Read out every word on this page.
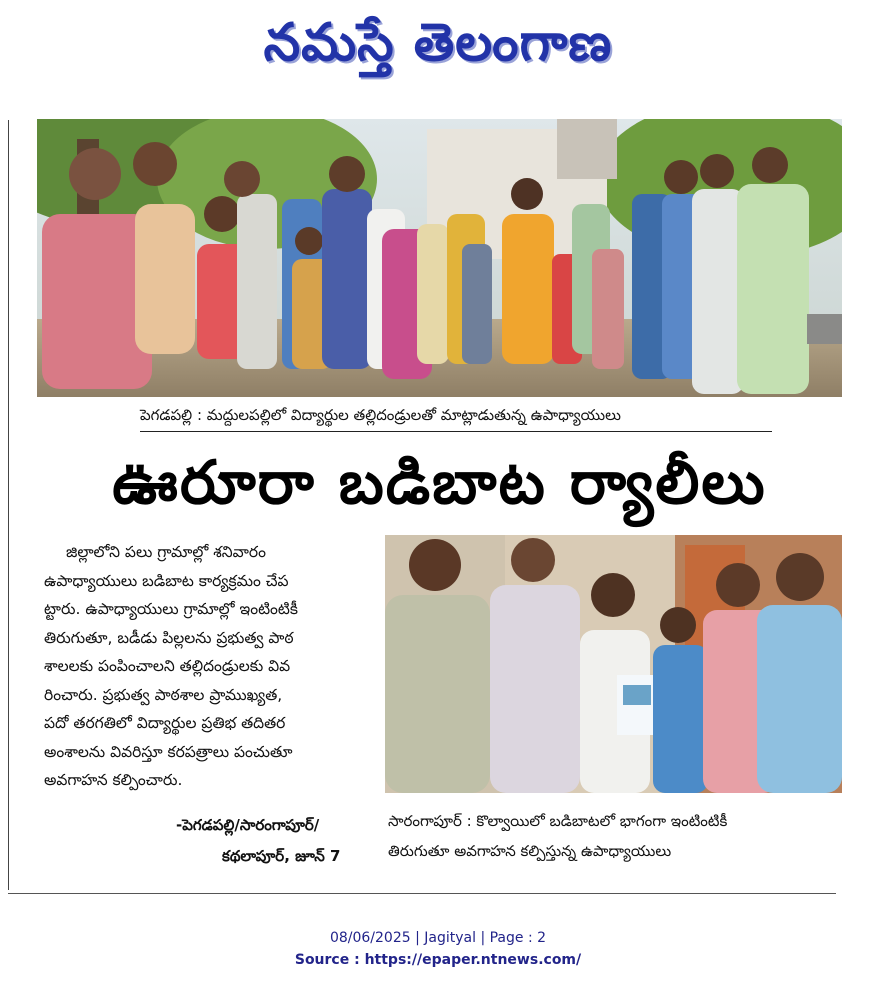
నమస్తే తెలంగాణ
పెగడపల్లి : మద్దులపల్లిలో విద్యార్థుల తల్లిదండ్రులతో మాట్లాడుతున్న ఉపాధ్యాయులు
ఊరూరా బడిబాట ర్యాలీలు
జిల్లాలోని పలు గ్రామాల్లో శనివారం
ఉపాధ్యాయులు బడిబాట కార్యక్రమం చేప
ట్టారు. ఉపాధ్యాయులు గ్రామాల్లో ఇంటింటికీ
తిరుగుతూ, బడీడు పిల్లలను ప్రభుత్వ పాఠ
శాలలకు పంపించాలని తల్లిదండ్రులకు వివ
రించారు. ప్రభుత్వ పాఠశాల ప్రాముఖ్యత,
పదో తరగతిలో విద్యార్థుల ప్రతిభ తదితర
అంశాలను వివరిస్తూ కరపత్రాలు పంచుతూ
అవగాహన కల్పించారు.
-పెగడపల్లి/సారంగాపూర్/
కథలాపూర్, జూన్ 7
సారంగాపూర్ : కొల్వాయిలో బడిబాటలో భాగంగా ఇంటింటికీ
తిరుగుతూ అవగాహన కల్పిస్తున్న ఉపాధ్యాయులు
08/06/2025 | Jagityal | Page : 2
Source : https://epaper.ntnews.com/
